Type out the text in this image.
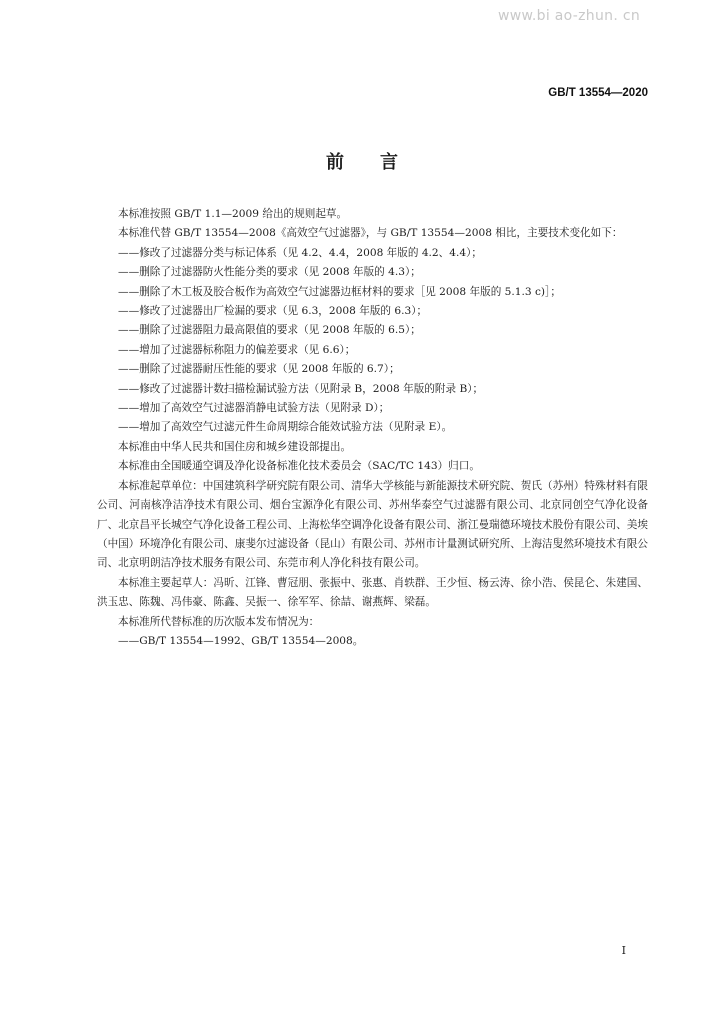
www.bi ao-zhun. cn
GB/T 13554—2020
前言

本标准按照 GB/T 1.1—2009 给出的规则起草。

本标准代替 GB/T 13554—2008《高效空气过滤器》，与 GB/T 13554—2008 相比，主要技术变化如下：

——修改了过滤器分类与标记体系（见 4.2、4.4，2008 年版的 4.2、4.4）；

——删除了过滤器防火性能分类的要求（见 2008 年版的 4.3）；

——删除了木工板及胶合板作为高效空气过滤器边框材料的要求［见 2008 年版的 5.1.3 c)］；

——修改了过滤器出厂检漏的要求（见 6.3，2008 年版的 6.3）；

——删除了过滤器阻力最高限值的要求（见 2008 年版的 6.5）；

——增加了过滤器标称阻力的偏差要求（见 6.6）；

——删除了过滤器耐压性能的要求（见 2008 年版的 6.7）；

——修改了过滤器计数扫描检漏试验方法（见附录 B，2008 年版的附录 B）；

——增加了高效空气过滤器消静电试验方法（见附录 D）；

——增加了高效空气过滤元件生命周期综合能效试验方法（见附录 E）。

本标准由中华人民共和国住房和城乡建设部提出。

本标准由全国暖通空调及净化设备标准化技术委员会（SAC/TC 143）归口。

本标准起草单位：中国建筑科学研究院有限公司、清华大学核能与新能源技术研究院、贺氏（苏州）特殊材料有限公司、河南核净洁净技术有限公司、烟台宝源净化有限公司、苏州华泰空气过滤器有限公司、北京同创空气净化设备厂、北京昌平长城空气净化设备工程公司、上海松华空调净化设备有限公司、浙江曼瑞德环境技术股份有限公司、美埃（中国）环境净化有限公司、康斐尔过滤设备（昆山）有限公司、苏州市计量测试研究所、上海洁叟然环境技术有限公司、北京明朗洁净技术服务有限公司、东莞市利人净化科技有限公司。

本标准主要起草人：冯昕、江锋、曹冠朋、张振中、张惠、肖轶群、王少恒、杨云涛、徐小浩、侯昆仑、朱建国、洪玉忠、陈魏、冯伟豪、陈鑫、吴振一、徐军军、徐喆、谢燕辉、梁磊。

本标准所代替标准的历次版本发布情况为：

——GB/T 13554—1992、GB/T 13554—2008。

I
